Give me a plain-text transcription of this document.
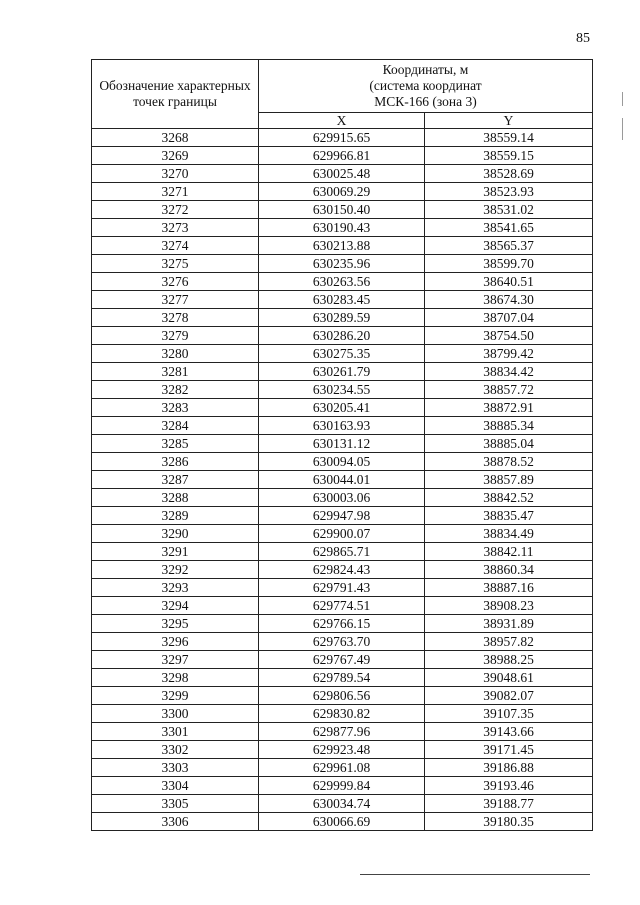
85
Обозначение характерных точек границы	Координаты, м
(система координат
МСК-166 (зона 3)	

	X	Y
3268	629915.65	38559.14
3269	629966.81	38559.15
3270	630025.48	38528.69
3271	630069.29	38523.93
3272	630150.40	38531.02
3273	630190.43	38541.65
3274	630213.88	38565.37
3275	630235.96	38599.70
3276	630263.56	38640.51
3277	630283.45	38674.30
3278	630289.59	38707.04
3279	630286.20	38754.50
3280	630275.35	38799.42
3281	630261.79	38834.42
3282	630234.55	38857.72
3283	630205.41	38872.91
3284	630163.93	38885.34
3285	630131.12	38885.04
3286	630094.05	38878.52
3287	630044.01	38857.89
3288	630003.06	38842.52
3289	629947.98	38835.47
3290	629900.07	38834.49
3291	629865.71	38842.11
3292	629824.43	38860.34
3293	629791.43	38887.16
3294	629774.51	38908.23
3295	629766.15	38931.89
3296	629763.70	38957.82
3297	629767.49	38988.25
3298	629789.54	39048.61
3299	629806.56	39082.07
3300	629830.82	39107.35
3301	629877.96	39143.66
3302	629923.48	39171.45
3303	629961.08	39186.88
3304	629999.84	39193.46
3305	630034.74	39188.77
3306	630066.69	39180.35
